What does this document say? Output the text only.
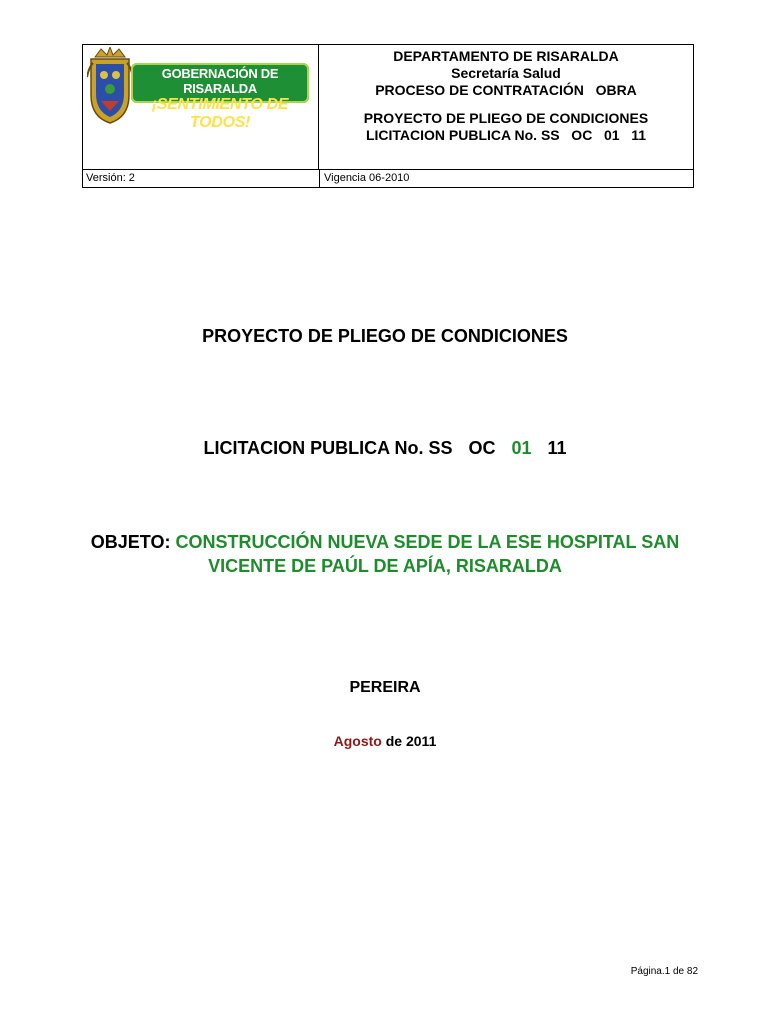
GOBERNACIÓN DE RISARALDA
¡SENTIMIENTO DE TODOS!
DEPARTAMENTO DE RISARALDA
Secretaría Salud
PROCESO DE CONTRATACIÓN   OBRA
PROYECTO DE PLIEGO DE CONDICIONES
LICITACION PUBLICA No. SS   OC   01   11
Versión: 2	Vigencia 06-2010
PROYECTO DE PLIEGO DE CONDICIONES
LICITACION PUBLICA No. SS OC 01 11
OBJETO: CONSTRUCCIÓN NUEVA SEDE DE LA ESE HOSPITAL SAN
VICENTE DE PAÚL DE APÍA, RISARALDA
PEREIRA
Agosto de 2011
Página.1 de 82
